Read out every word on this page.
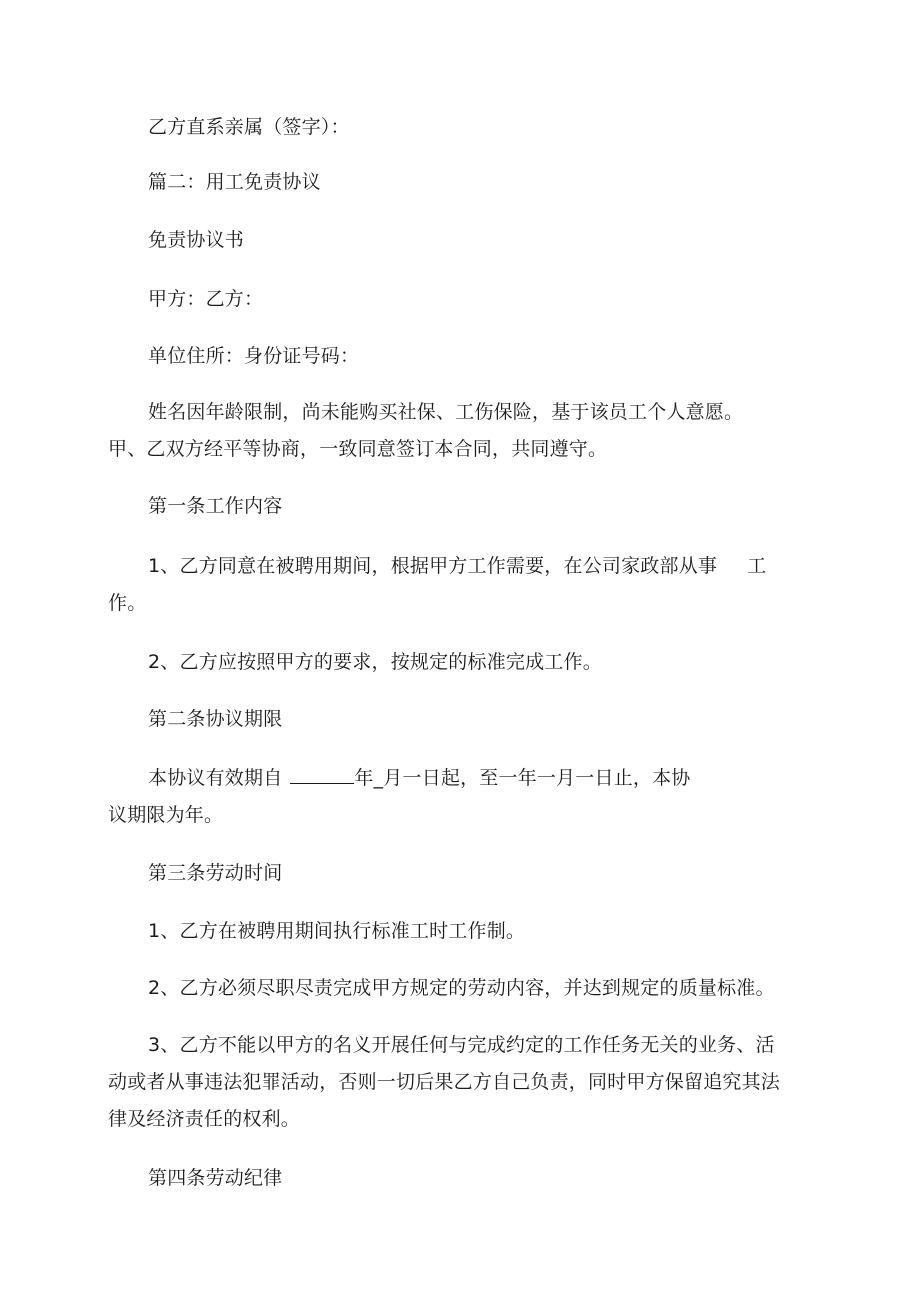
乙方直系亲属（签字）：
篇二：用工免责协议
免责协议书
甲方：乙方：
单位住所：身份证号码：
姓名因年龄限制，尚未能购买社保、工伤保险，基于该员工个人意愿。
甲、乙双方经平等协商，一致同意签订本合同，共同遵守。
第一条工作内容
1、乙方同意在被聘用期间，根据甲方工作需要，在公司家政部从事 工
作。
2、乙方应按照甲方的要求，按规定的标准完成工作。
第二条协议期限
本协议有效期自	年_月一日起，至一年一月一日止，本协
议期限为年。
第三条劳动时间
1、乙方在被聘用期间执行标准工时工作制。
2、乙方必须尽职尽责完成甲方规定的劳动内容，并达到规定的质量标准。
3、乙方不能以甲方的名义开展任何与完成约定的工作任务无关的业务、活
动或者从事违法犯罪活动，否则一切后果乙方自己负责，同时甲方保留追究其法
律及经济责任的权利。
第四条劳动纪律
